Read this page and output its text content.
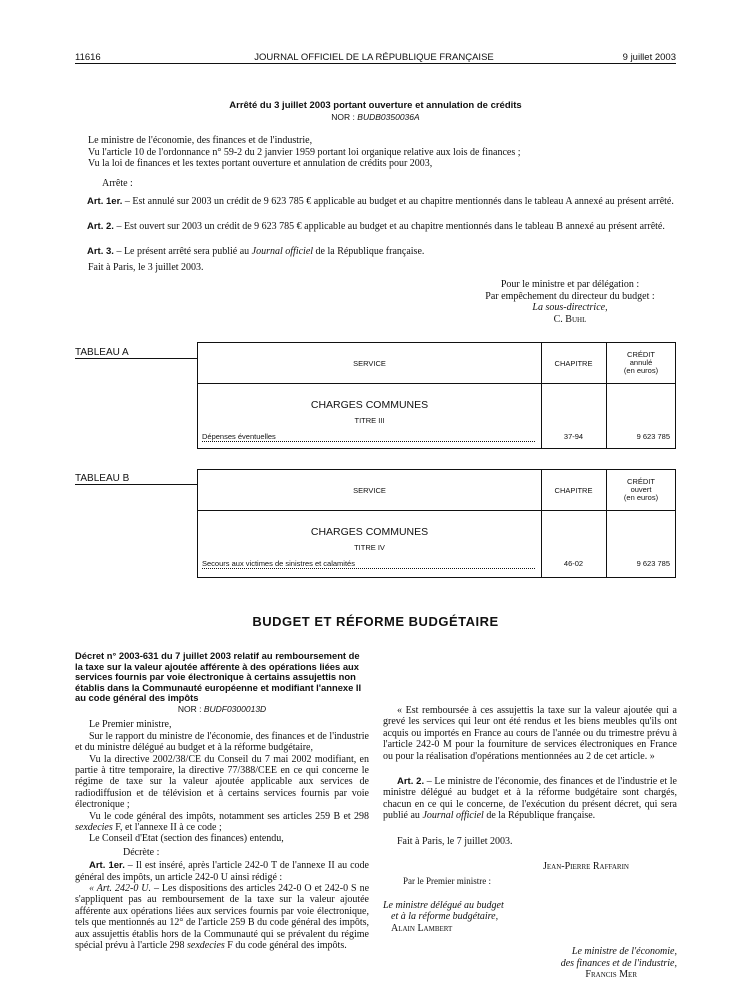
11616	JOURNAL OFFICIEL DE LA RÉPUBLIQUE FRANÇAISE	9 juillet 2003
Arrêté du 3 juillet 2003 portant ouverture et annulation de crédits
NOR : BUDB0350036A

Le ministre de l'économie, des finances et de l'industrie,

Vu l'article 10 de l'ordonnance n° 59-2 du 2 janvier 1959 portant loi organique relative aux lois de finances ;

Vu la loi de finances et les textes portant ouverture et annulation de crédits pour 2003,

Arrête :
Art. 1er. – Est annulé sur 2003 un crédit de 9 623 785 € applicable au budget et au chapitre mentionnés dans le tableau A annexé au présent arrêté.
Art. 2. – Est ouvert sur 2003 un crédit de 9 623 785 € applicable au budget et au chapitre mentionnés dans le tableau B annexé au présent arrêté.
Art. 3. – Le présent arrêté sera publié au Journal officiel de la République française.
Fait à Paris, le 3 juillet 2003.

Pour le ministre et par délégation :

Par empêchement du directeur du budget :

La sous-directrice,

C. Buhl

TABLEAU A
SERVICE	CHAPITRE
CRÉDIT
annulé
(en euros)
CHARGES COMMUNES
TITRE III
Dépenses éventuelles	37-94	9 623 785
TABLEAU B
SERVICE	CHAPITRE
CRÉDIT
ouvert
(en euros)
CHARGES COMMUNES
TITRE IV
Secours aux victimes de sinistres et calamités	46-02	9 623 785
BUDGET ET RÉFORME BUDGÉTAIRE

Décret n° 2003-631 du 7 juillet 2003 relatif au remboursement de la taxe sur la valeur ajoutée afférente à des opérations liées aux services fournis par voie électronique à certains assujettis non établis dans la Communauté européenne et modifiant l'annexe II au code général des impôts

NOR : BUDF0300013D

Le Premier ministre,

Sur le rapport du ministre de l'économie, des finances et de l'industrie et du ministre délégué au budget et à la réforme budgétaire,

Vu la directive 2002/38/CE du Conseil du 7 mai 2002 modifiant, en partie à titre temporaire, la directive 77/388/CEE en ce qui concerne le régime de taxe sur la valeur ajoutée applicable aux services de radiodiffusion et de télévision et à certains services fournis par voie électronique ;

Vu le code général des impôts, notamment ses articles 259 B et 298 sexdecies F, et l'annexe II à ce code ;

Le Conseil d'Etat (section des finances) entendu,

Décrète :

Art. 1er. – Il est inséré, après l'article 242-0 T de l'annexe II au code général des impôts, un article 242-0 U ainsi rédigé :

« Art. 242-0 U. – Les dispositions des articles 242-0 O et 242-0 S ne s'appliquent pas au remboursement de la taxe sur la valeur ajoutée afférente aux opérations liées aux services fournis par voie électronique, tels que mentionnés au 12° de l'article 259 B du code général des impôts, aux assujettis établis hors de la Communauté qui se prévalent du régime spécial prévu à l'article 298 sexdecies F du code général des impôts.

« Est remboursée à ces assujettis la taxe sur la valeur ajoutée qui a grevé les services qui leur ont été rendus et les biens meubles qu'ils ont acquis ou importés en France au cours de l'année ou du trimestre prévu à l'article 242-0 M pour la fourniture de services électroniques en France ou pour la réalisation d'opérations mentionnées au 2 de cet article. »

Art. 2. – Le ministre de l'économie, des finances et de l'industrie et le ministre délégué au budget et à la réforme budgétaire sont chargés, chacun en ce qui le concerne, de l'exécution du présent décret, qui sera publié au Journal officiel de la République française.

Fait à Paris, le 7 juillet 2003.

Jean-Pierre Raffarin

Par le Premier ministre :

Le ministre délégué au budget

et à la réforme budgétaire,

Alain Lambert

Le ministre de l'économie,

des finances et de l'industrie,

Francis Mer
